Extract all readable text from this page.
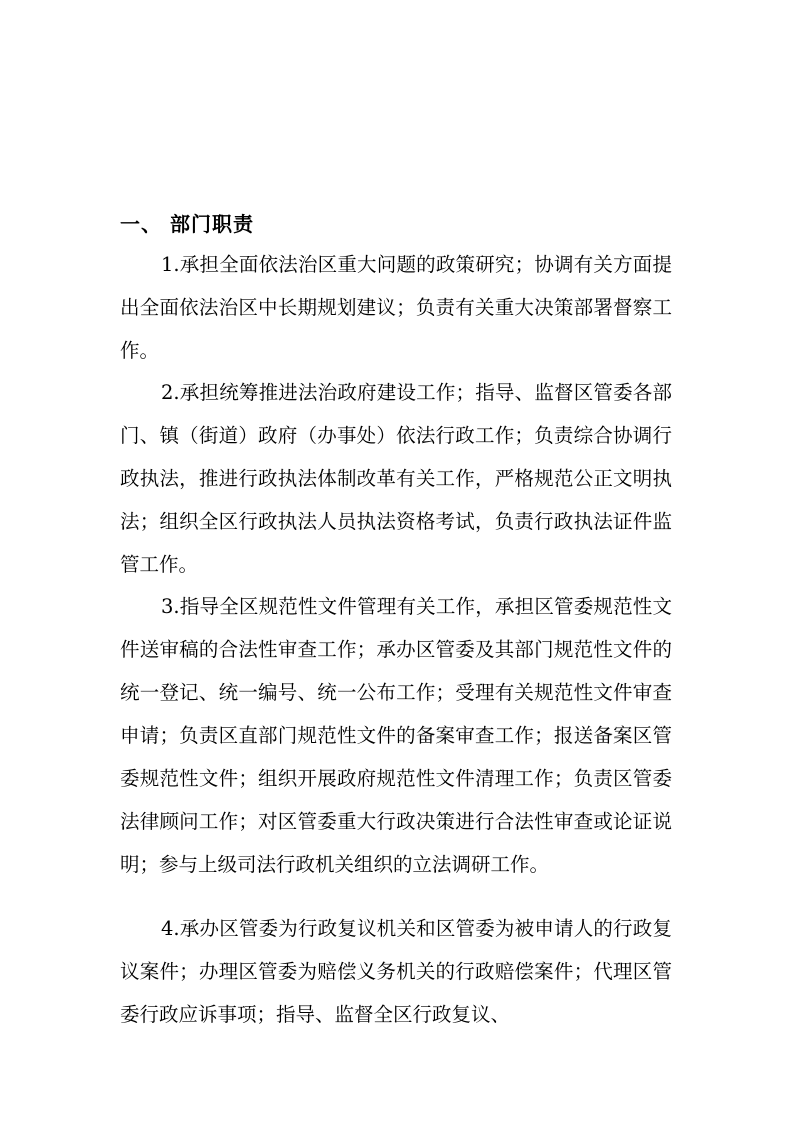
一、 部门职责

1.承担全面依法治区重大问题的政策研究；协调有关方面提出全面依法治区中长期规划建议；负责有关重大决策部署督察工作。

2.承担统筹推进法治政府建设工作；指导、监督区管委各部门、镇（街道）政府（办事处）依法行政工作；负责综合协调行政执法，推进行政执法体制改革有关工作，严格规范公正文明执法；组织全区行政执法人员执法资格考试，负责行政执法证件监管工作。

3.指导全区规范性文件管理有关工作，承担区管委规范性文件送审稿的合法性审查工作；承办区管委及其部门规范性文件的统一登记、统一编号、统一公布工作；受理有关规范性文件审查申请；负责区直部门规范性文件的备案审查工作；报送备案区管委规范性文件；组织开展政府规范性文件清理工作；负责区管委法律顾问工作；对区管委重大行政决策进行合法性审查或论证说明；参与上级司法行政机关组织的立法调研工作。

4.承办区管委为行政复议机关和区管委为被申请人的行政复议案件；办理区管委为赔偿义务机关的行政赔偿案件；代理区管委行政应诉事项；指导、监督全区行政复议、
